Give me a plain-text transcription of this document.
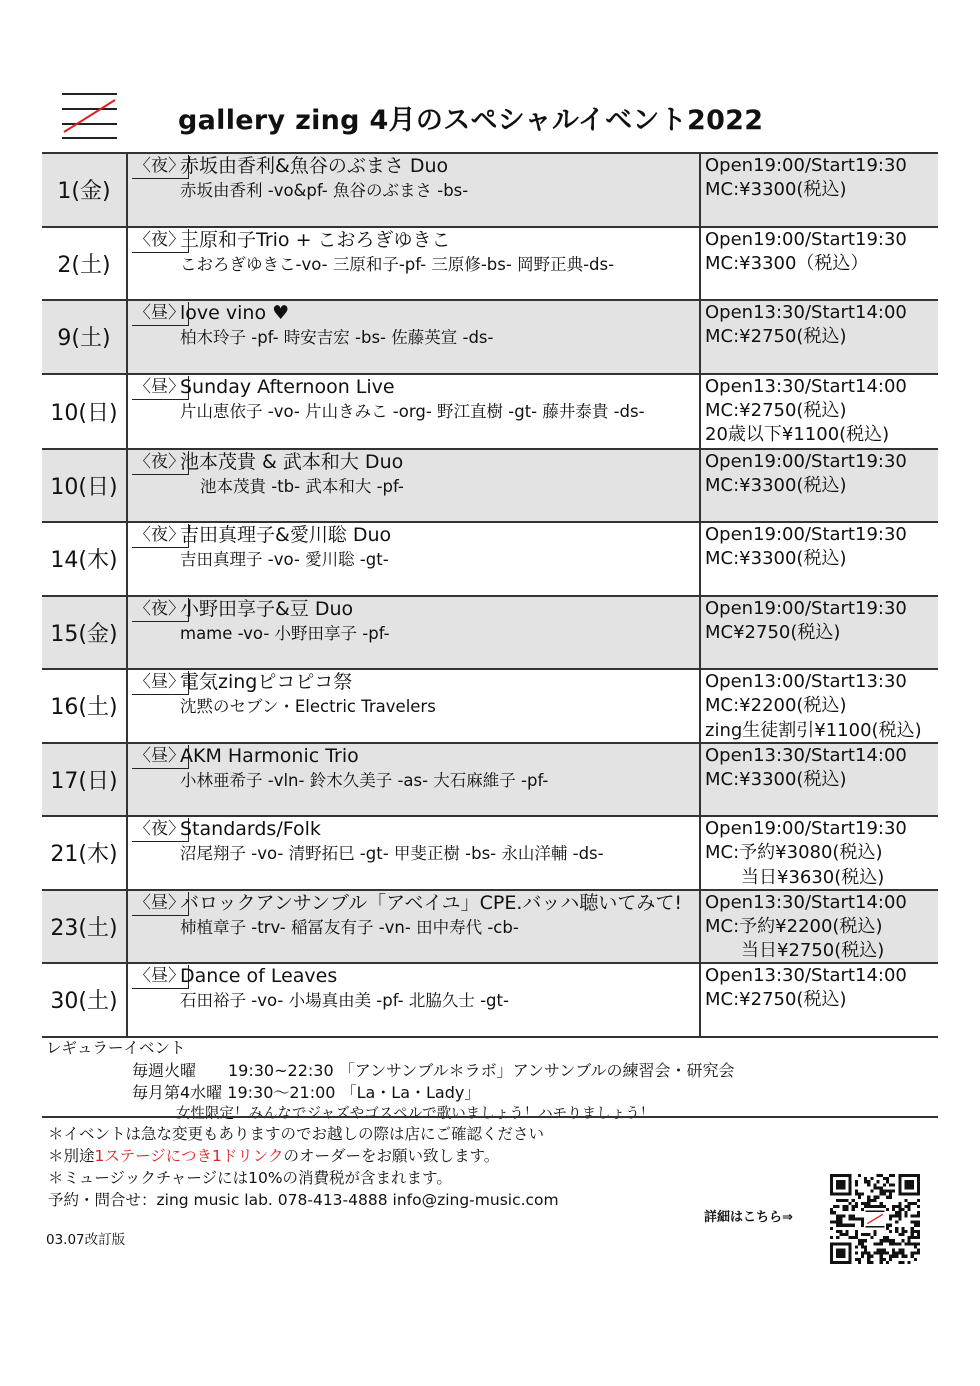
gallery zing 4月のスペシャルイベント2022
1(金)
〈夜〉
赤坂由香利&魚谷のぶまさ Duo
赤坂由香利 -vo&pf- 魚谷のぶまさ -bs-
Open19:00/Start19:30
MC:¥3300(税込)
2(土)
〈夜〉
三原和子Trio + こおろぎゆきこ
こおろぎゆきこ-vo- 三原和子-pf- 三原修-bs- 岡野正典-ds-
Open19:00/Start19:30
MC:¥3300（税込）
9(土)
〈昼〉
love vino ♥
柏木玲子 -pf- 時安吉宏 -bs- 佐藤英宣 -ds-
Open13:30/Start14:00
MC:¥2750(税込)
10(日)
〈昼〉
Sunday Afternoon Live
片山恵依子 -vo- 片山きみこ -org- 野江直樹 -gt- 藤井泰貴 -ds-
Open13:30/Start14:00
MC:¥2750(税込)
20歳以下¥1100(税込)
10(日)
〈夜〉
池本茂貴 & 武本和大 Duo
池本茂貴 -tb- 武本和大 -pf-
Open19:00/Start19:30
MC:¥3300(税込)
14(木)
〈夜〉
吉田真理子&愛川聡 Duo
吉田真理子 -vo- 愛川聡 -gt-
Open19:00/Start19:30
MC:¥3300(税込)
15(金)
〈夜〉
小野田享子&豆 Duo
mame -vo- 小野田享子 -pf-
Open19:00/Start19:30
MC¥2750(税込)
16(土)
〈昼〉
電気zingピコピコ祭
沈黙のセブン・Electric Travelers
Open13:00/Start13:30
MC:¥2200(税込)
zing生徒割引¥1100(税込)
17(日)
〈昼〉
AKM Harmonic Trio
小林亜希子 -vln- 鈴木久美子 -as- 大石麻維子 -pf-
Open13:30/Start14:00
MC:¥3300(税込)
21(木)
〈夜〉
Standards/Folk
沼尾翔子 -vo- 清野拓巳 -gt- 甲斐正樹 -bs- 永山洋輔 -ds-
Open19:00/Start19:30
MC:予約¥3080(税込)
当日¥3630(税込)
23(土)
〈昼〉
バロックアンサンブル「アベイユ」CPE.バッハ聴いてみて!
杮植章子 -trv- 稲冨友有子 -vn- 田中寿代 -cb-
Open13:30/Start14:00
MC:予約¥2200(税込)
当日¥2750(税込)
30(土)
〈昼〉
Dance of Leaves
石田裕子 -vo- 小場真由美 -pf- 北脇久士 -gt-
Open13:30/Start14:00
MC:¥2750(税込)
レギュラーイベント
毎週火曜　　19:30~22:30 「アンサンブル＊ラボ」アンサンブルの練習会・研究会
毎月第4水曜 19:30～21:00 「La・La・Lady」
女性限定！みんなでジャズやゴスペルで歌いましょう！ハモりましょう！
＊イベントは急な変更もありますのでお越しの際は店にご確認ください
＊別途1ステージにつき1ドリンクのオーダーをお願い致します。
＊ミュージックチャージには10%の消費税が含まれます。
予約・問合せ：zing music lab. 078-413-4888 info@zing-music.com
03.07改訂版
詳細はこちら⇒
